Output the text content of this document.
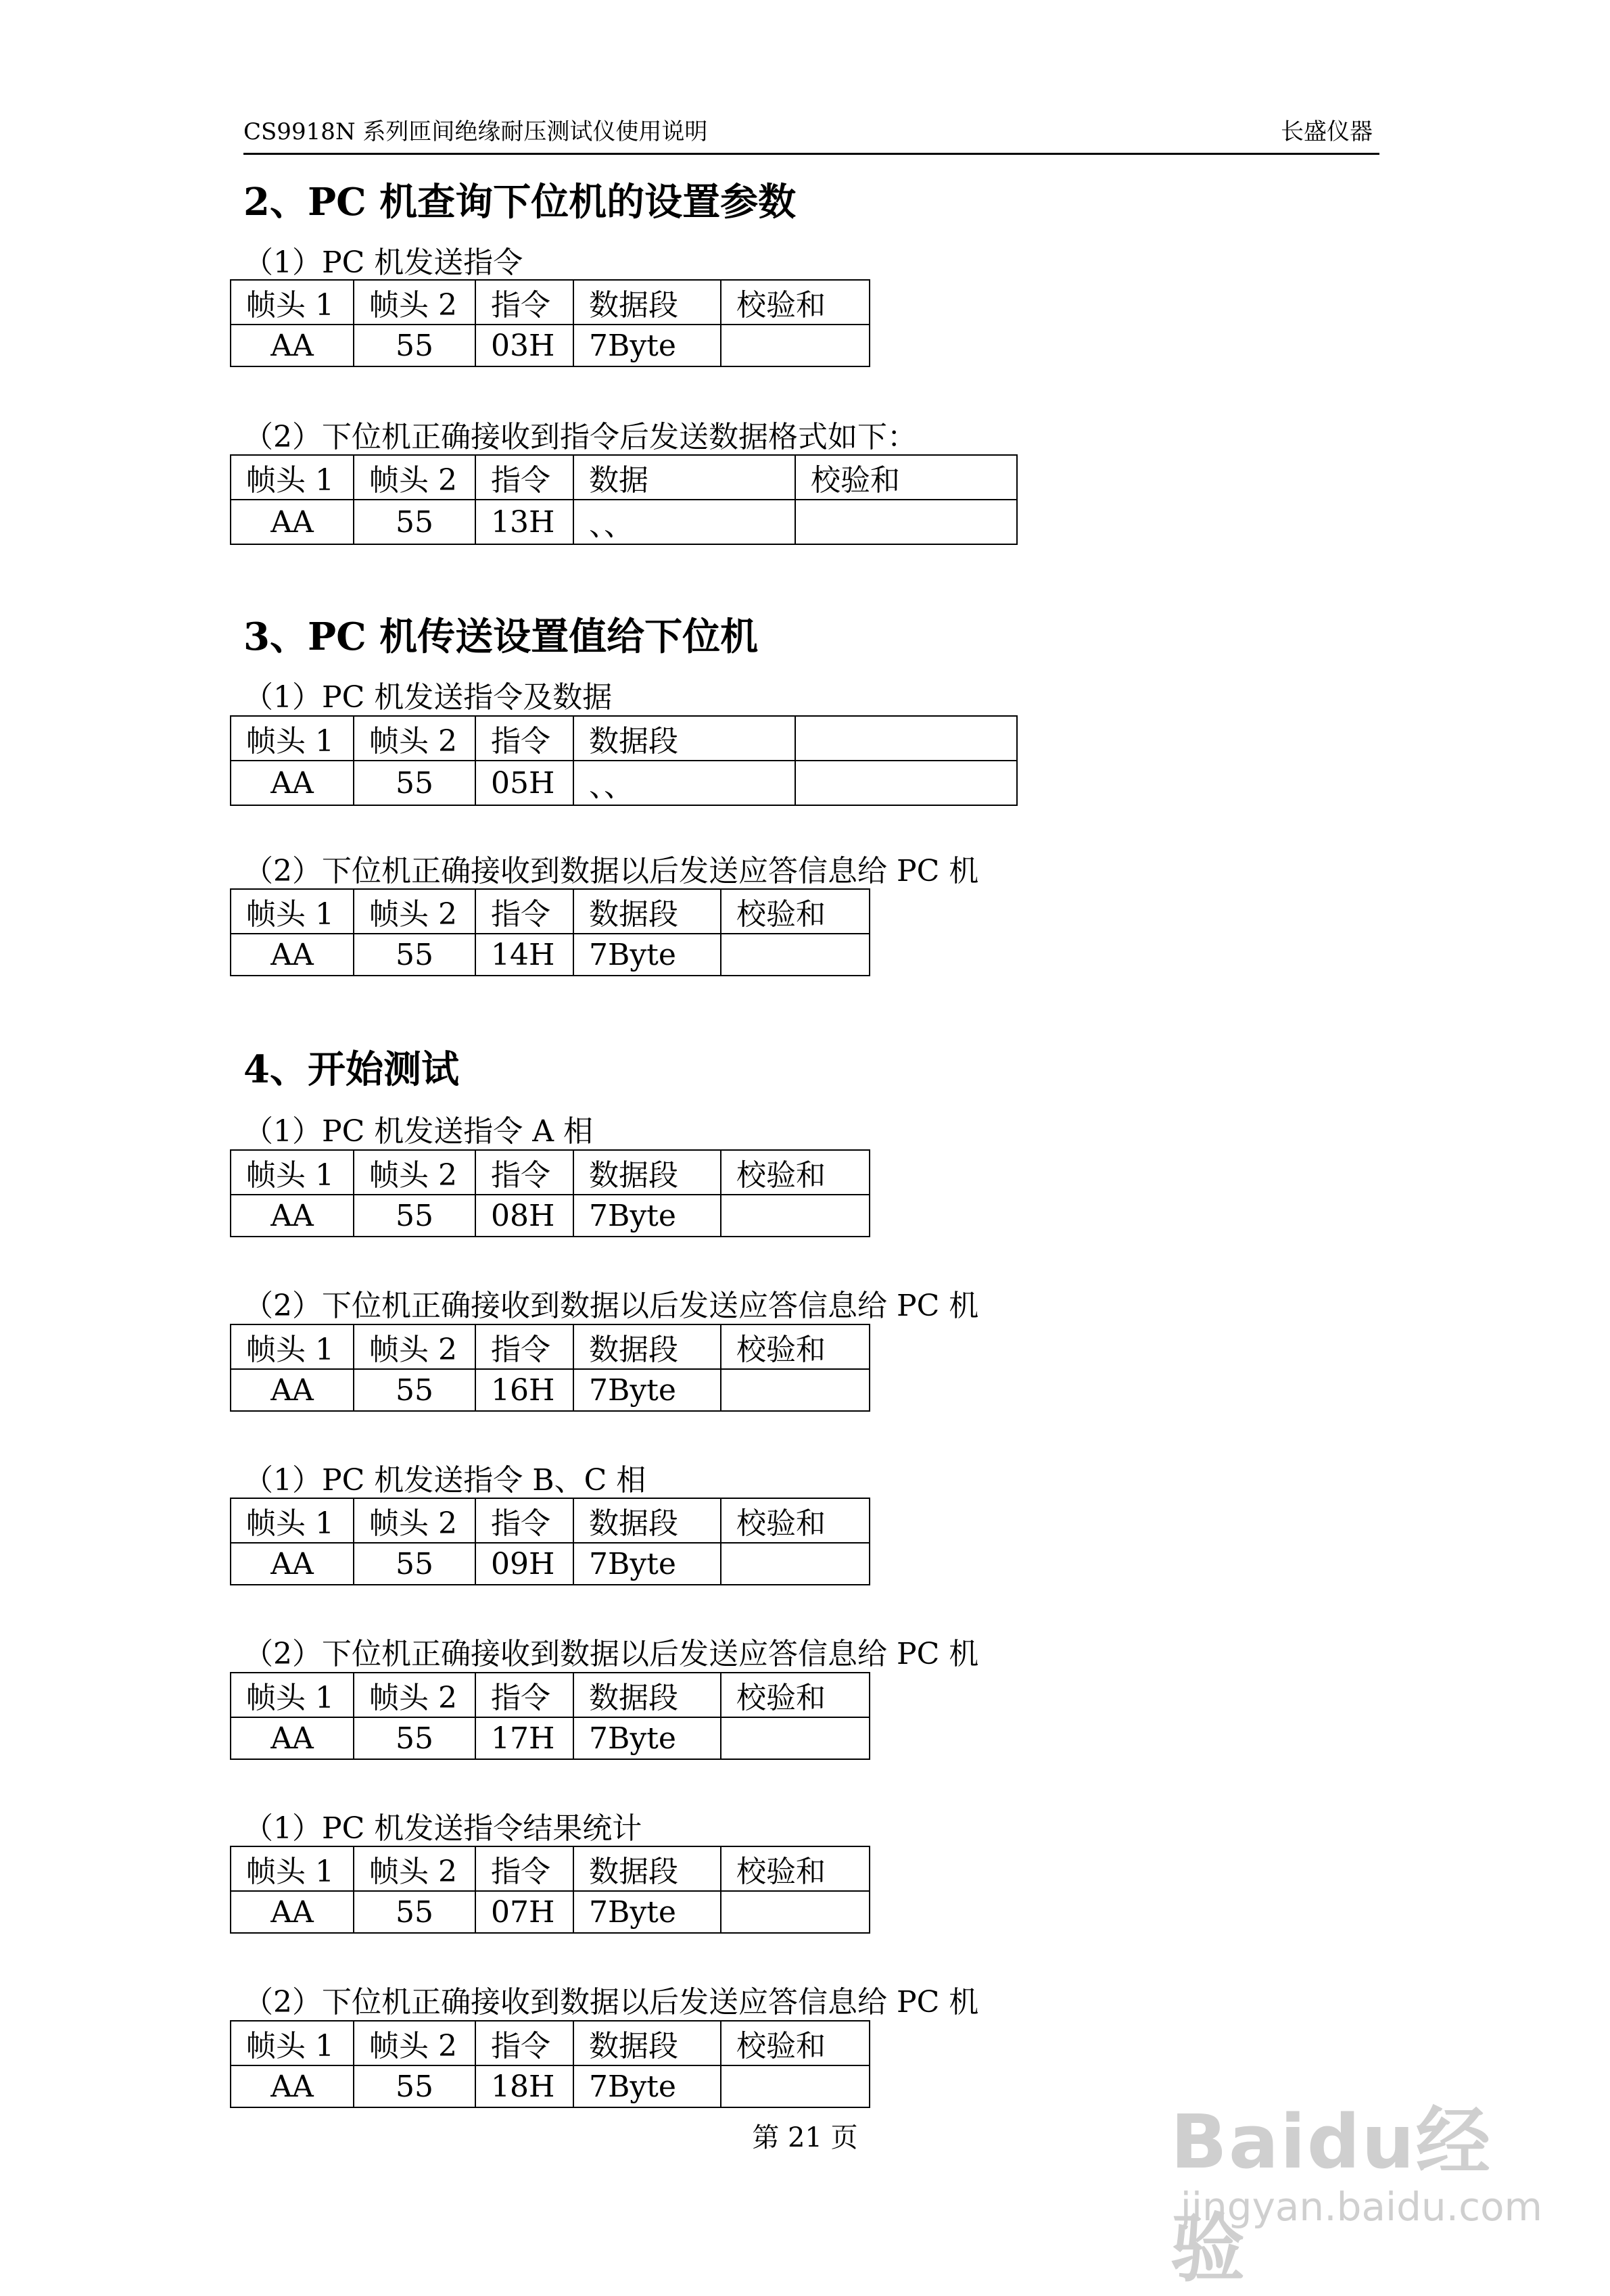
CS9918N 系列匝间绝缘耐压测试仪使用说明	长盛仪器
2、PC 机查询下位机的设置参数
（1）PC 机发送指令
帧头 1	帧头 2	指令	数据段	校验和
AA	55	03H	7Byte	
（2）下位机正确接收到指令后发送数据格式如下：
帧头 1	帧头 2	指令	数据	校验和
AA	55	13H	、、	
3、PC 机传送设置值给下位机
（1）PC 机发送指令及数据
帧头 1	帧头 2	指令	数据段	
AA	55	05H	、、	
（2）下位机正确接收到数据以后发送应答信息给 PC 机
帧头 1	帧头 2	指令	数据段	校验和
AA	55	14H	7Byte	
4、开始测试
（1）PC 机发送指令 A 相
帧头 1	帧头 2	指令	数据段	校验和
AA	55	08H	7Byte	
（2）下位机正确接收到数据以后发送应答信息给 PC 机
帧头 1	帧头 2	指令	数据段	校验和
AA	55	16H	7Byte	
（1）PC 机发送指令 B、C 相
帧头 1	帧头 2	指令	数据段	校验和
AA	55	09H	7Byte	
（2）下位机正确接收到数据以后发送应答信息给 PC 机
帧头 1	帧头 2	指令	数据段	校验和
AA	55	17H	7Byte	
（1）PC 机发送指令结果统计
帧头 1	帧头 2	指令	数据段	校验和
AA	55	07H	7Byte	
（2）下位机正确接收到数据以后发送应答信息给 PC 机
帧头 1	帧头 2	指令	数据段	校验和
AA	55	18H	7Byte	
第 21 页	Baidu经验
jingyan.baidu.com
